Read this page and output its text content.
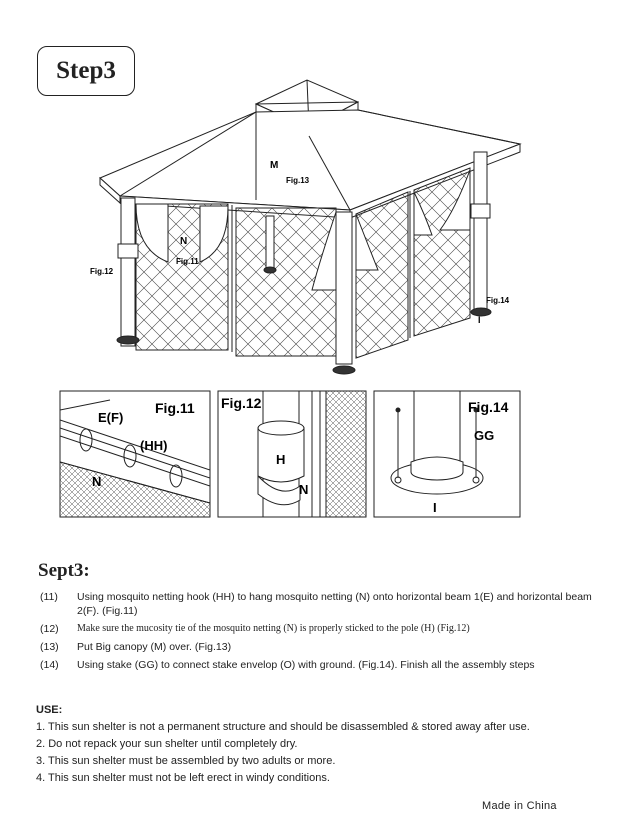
Step3
M
Fig.13
N
Fig.11
Fig.12
Fig.14
I
Fig.11
E(F)
(HH)
N
Fig.12
H
N
Fig.14
GG
I
Sept3:
(11)	Using mosquito netting hook (HH) to hang mosquito netting (N) onto horizontal beam 1(E) and horizontal beam 2(F). (Fig.11)
(12)	Make sure the mucosity tie of the mosquito netting (N) is properly sticked to the pole (H) (Fig.12)
(13)	Put Big canopy (M) over. (Fig.13)
(14)	Using stake (GG) to connect stake envelop (O) with ground. (Fig.14). Finish all the assembly steps
USE:
1. This sun shelter is not a permanent structure and should be disassembled & stored away after use.
2. Do not repack your sun shelter until completely dry.
3. This sun shelter must be assembled by two adults or more.
4. This sun shelter must not be left erect in windy conditions.
Made in China
